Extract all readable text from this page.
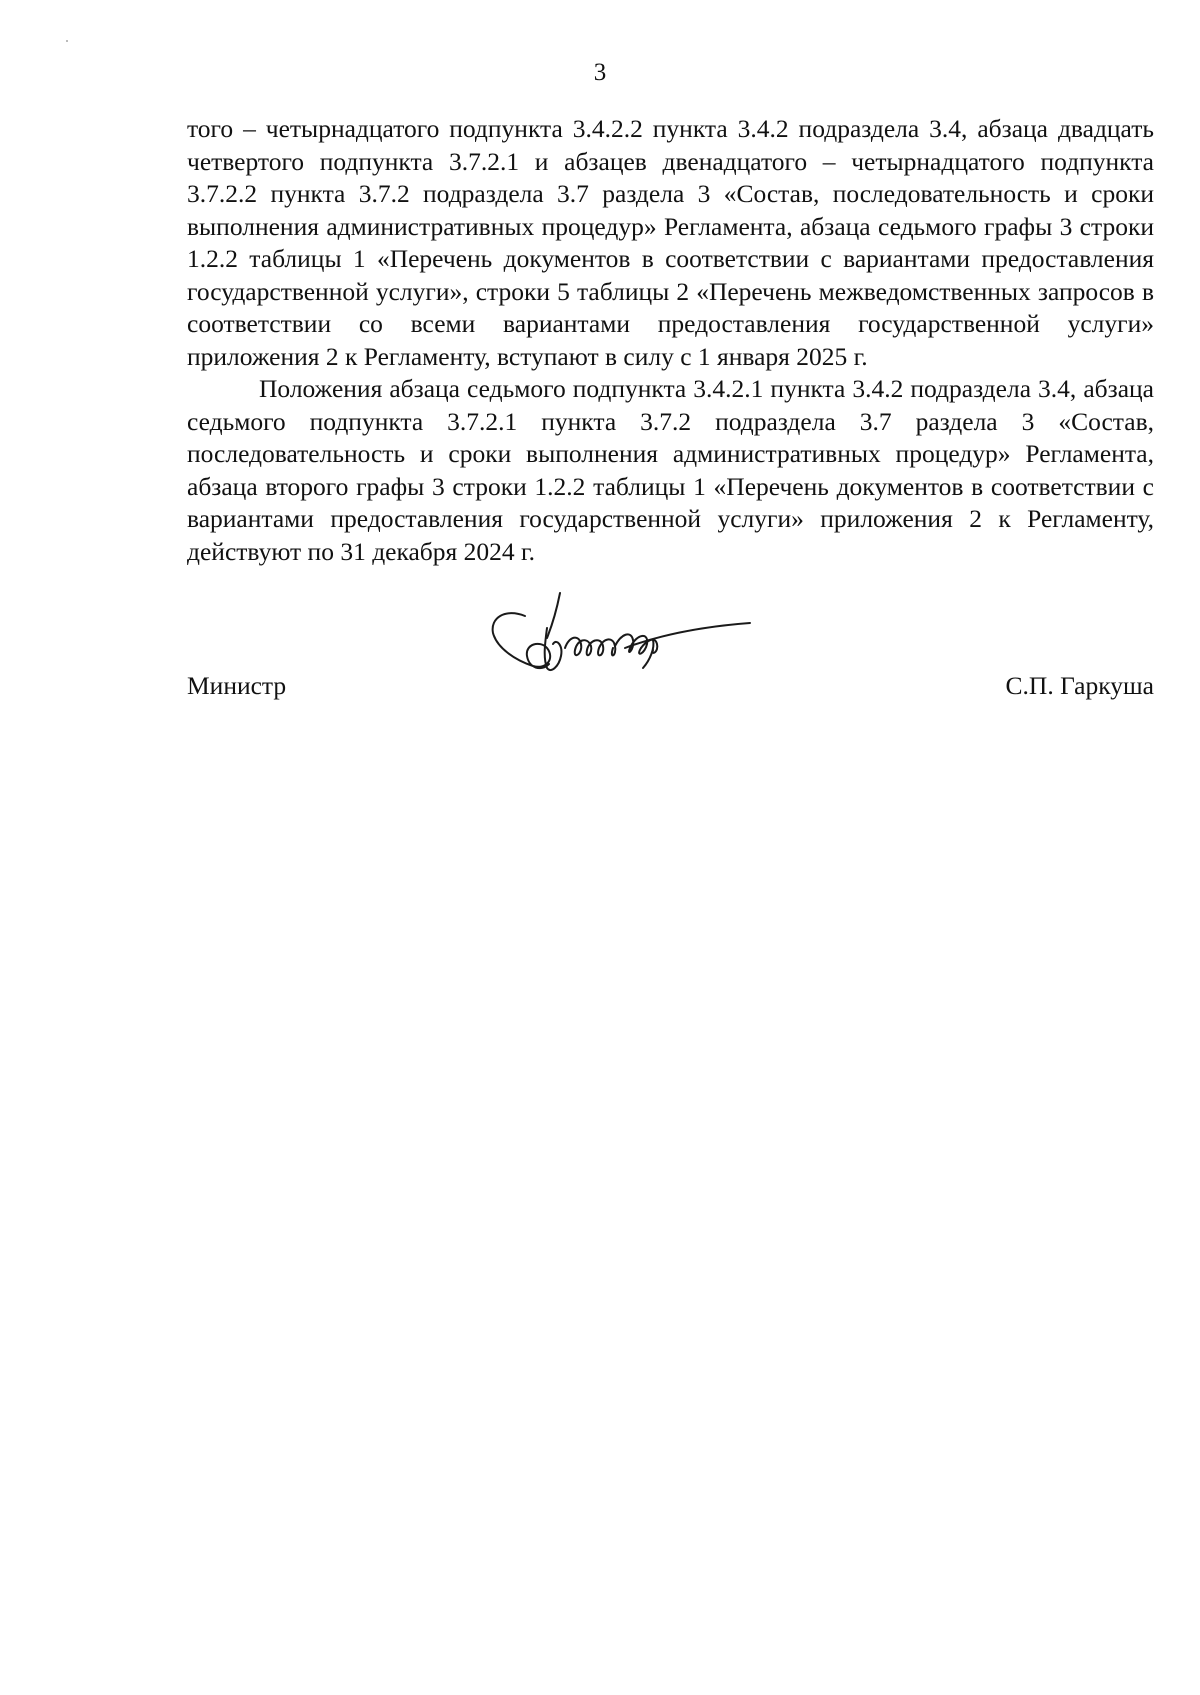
3

того – четырнадцатого подпункта 3.4.2.2 пункта 3.4.2 подраздела 3.4, абзаца двадцать четвертого подпункта 3.7.2.1 и абзацев двенадцатого – четырнадцатого подпункта 3.7.2.2 пункта 3.7.2 подраздела 3.7 раздела 3 «Состав, последовательность и сроки выполнения административных процедур» Регламента, абзаца седьмого графы 3 строки 1.2.2 таблицы 1 «Перечень документов в соответствии с вариантами предоставления государственной услуги», строки 5 таблицы 2 «Перечень межведомственных запросов в соответствии со всеми вариантами предоставления государственной услуги» приложения 2 к Регламенту, вступают в силу с 1 января 2025 г.

Положения абзаца седьмого подпункта 3.4.2.1 пункта 3.4.2 подраздела 3.4, абзаца седьмого подпункта 3.7.2.1 пункта 3.7.2 подраздела 3.7 раздела 3 «Состав, последовательность и сроки выполнения административных процедур» Регламента, абзаца второго графы 3 строки 1.2.2 таблицы 1 «Перечень документов в соответствии с вариантами предоставления государственной услуги» приложения 2 к Регламенту, действуют по 31 декабря 2024 г.

Министр	С.П. Гаркуша
